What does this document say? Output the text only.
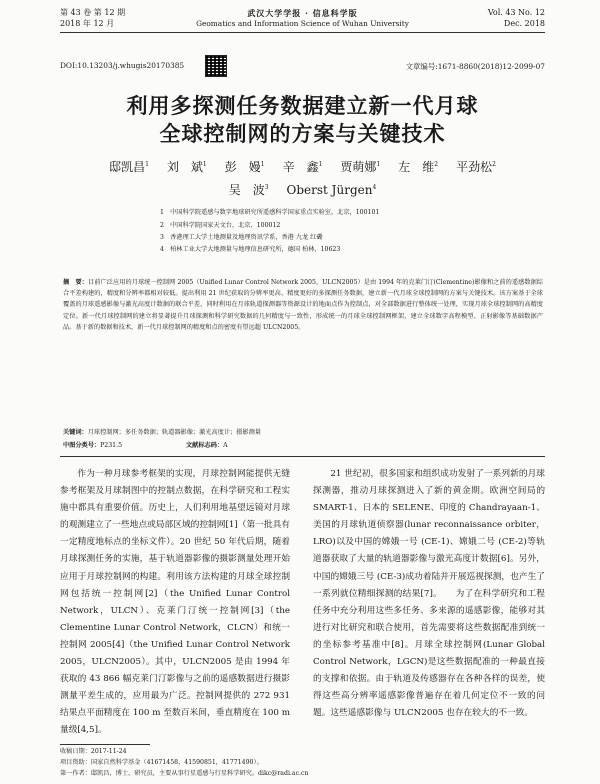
第 43 卷 第 12 期
2018 年 12 月
武汉大学学报 · 信息科学版
Geomatics and Information Science of Wuhan University
Vol. 43 No. 12
Dec. 2018
DOI:10.13203/j.whugis20170385	文章编号:1671-8860(2018)12-2099-07
利用多探测任务数据建立新一代月球
全球控制网的方案与关键技术
邸凯昌$^1$ 刘　斌$^1$ 彭　嫚$^1$ 辛　鑫$^1$ 贾萌娜$^1$ 左　维$^2$ 平劲松$^2$
吴　波$^3$ Oberst Jürgen$^4$
1　中国科学院遥感与数字地球研究所遥感科学国家重点实验室，北京，100101
2　中国科学院国家天文台，北京，100012
3　香港理工大学土地测量及地理资讯学系，香港 九龙 红磡
4　柏林工业大学大地测量与地理信息研究所，德国 柏林，10623
摘　要：目前广泛应用的月球统一控制网 2005（Unified Lunar Control Network 2005，ULCN2005）是由 1994 年的克莱门汀(Clementine)影像和之前的遥感数据综合平差构建的，精度和分辨率都相对较低。提出利用 21 世纪获取的分辨率更高、精度更好的多探测任务数据，建立新一代月球全球控制网的方案与关键技术。该方案基于全球覆盖的月球遥感影像与激光高度计数据的联合平差，同时利用在月球轨道探测器等资源设计的地面点作为控制点，对全部数据进行整体统一处理，实现月球全球控制网的高精度定位。新一代月球控制网的建立将显著提升月球探测和科学研究数据的几何精度与一致性，形成统一的月球全球控制网框架，建立全球数字高程模型、正射影像等基础数据产品。基于新的数据和技术，新一代月球控制网的精度和点的密度有望远超 ULCN2005。
关键词：月球控制网；多任务数据；轨道器影像；激光高度计；摄影测量
中图分类号：P231.5	文献标志码：A
作为一种月球参考框架的实现，月球控制网能提供无缝参考框架及月球制图中的控制点数据，在科学研究和工程实施中都具有重要价值。历史上，人们利用地基望远镜对月球的观测建立了一些地点或局部区域的控制网[1]（第一批具有一定精度地标点的坐标文件）。20 世纪 50 年代后期，随着月球探测任务的实施，基于轨道器影像的摄影测量处理开始应用于月球控制网的构建。利用该方法构建的月球全球控制网包括统一控制网[2]（the Unified Lunar Control Network，ULCN）、克莱门汀统一控制网[3]（the Clementine Lunar Control Network，CLCN）和统一控制网 2005[4]（the Unified Lunar Control Network 2005，ULCN2005）。其中，ULCN2005 是由 1994 年获取的 43 866 幅克莱门汀影像与之前的遥感数据进行摄影测量平差生成的，应用最为广泛。控制网提供的 272 931 结果点平面精度在 100 m 至数百米间，垂直精度在 100 m 量级[4,5]。
21 世纪初，很多国家和组织成功发射了一系列新的月球探测器，推动月球探测进入了新的黄金期。欧洲空间局的 SMART-1、日本的 SELENE、印度的 Chandrayaan-1、美国的月球轨道侦察器(lunar reconnaissance orbiter，LRO)以及中国的嫦娥一号 (CE-1)、嫦娥二号 (CE-2)等轨道器获取了大量的轨道器影像与激光高度计数据[6]。另外，中国的嫦娥三号 (CE-3)成功着陆并开展巡视探测，也产生了一系列就位精细探测的结果[7]。　　为了在科学研究和工程任务中充分利用这些多任务、多来源的遥感影像，能够对其进行对比研究和联合使用，首先需要将这些数据配准到统一的坐标参考基准中[8]。月球全球控制网(Lunar Global Control Network，LGCN)是这些数据配准的一种最直接的支撑和依据。由于轨道及传感器存在各种各样的误差，使得这些高分辨率遥感影像普遍存在着几何定位不一致的问题。这些遥感影像与 ULCN2005 也存在较大的不一致。
收稿日期：2017-11-24
项目资助：国家自然科学基金（41671458，41590851，41771490）。
第一作者：邸凯昌，博士，研究员，主要从事行星遥感与行星科学研究。dikc@radi.ac.cn
